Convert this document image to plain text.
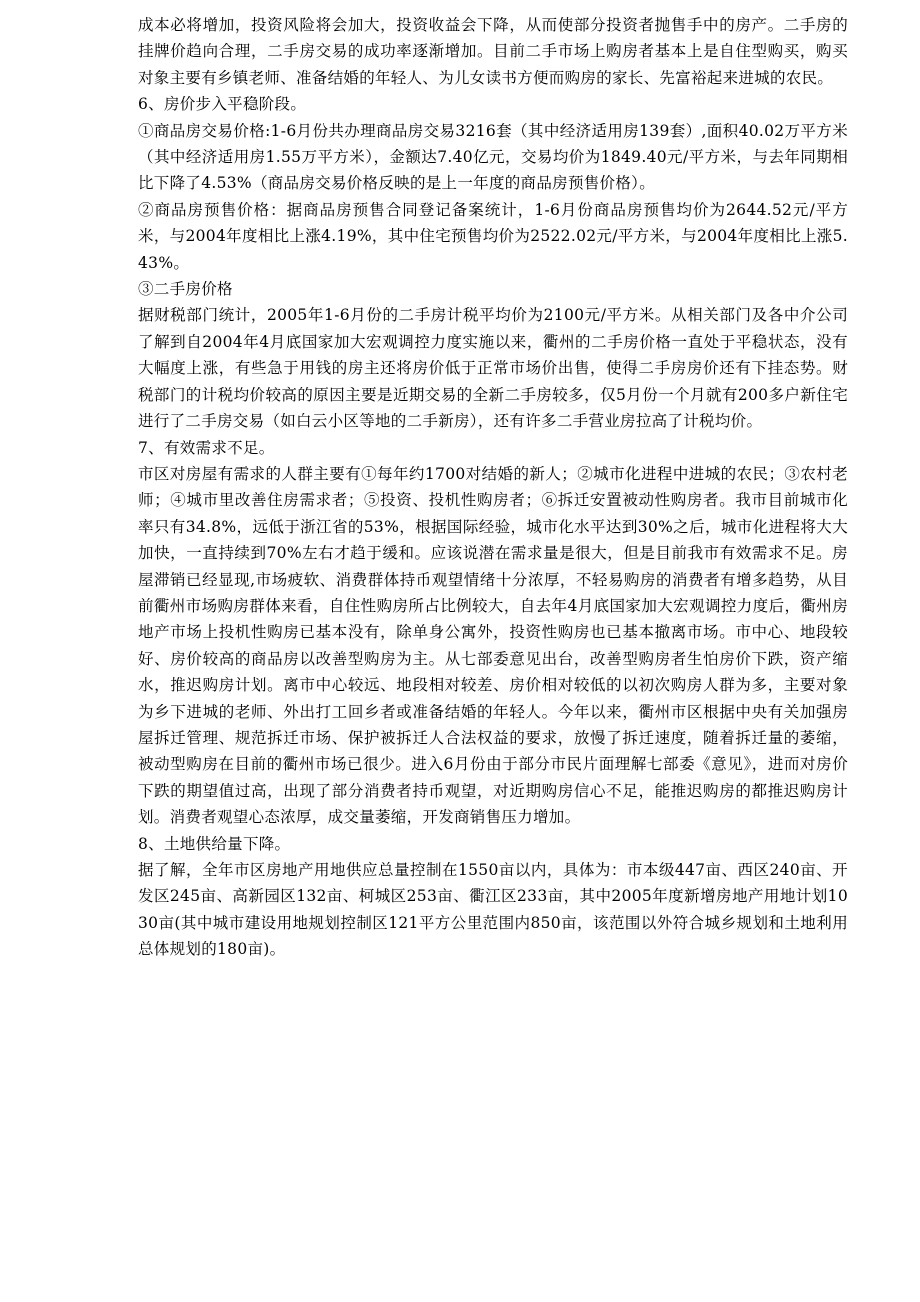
成本必将增加，投资风险将会加大，投资收益会下降，从而使部分投资者抛售手中的房产。二手房的挂牌价趋向合理，二手房交易的成功率逐渐增加。目前二手市场上购房者基本上是自住型购买，购买对象主要有乡镇老师、准备结婚的年轻人、为儿女读书方便而购房的家长、先富裕起来进城的农民。

6、房价步入平稳阶段。

①商品房交易价格:1-6月份共办理商品房交易3216套（其中经济适用房139套）,面积40.02万平方米（其中经济适用房1.55万平方米），金额达7.40亿元，交易均价为1849.40元/平方米，与去年同期相比下降了4.53%（商品房交易价格反映的是上一年度的商品房预售价格）。

②商品房预售价格：据商品房预售合同登记备案统计，1-6月份商品房预售均价为2644.52元/平方米，与2004年度相比上涨4.19%，其中住宅预售均价为2522.02元/平方米，与2004年度相比上涨5.43%。

③二手房价格

据财税部门统计，2005年1-6月份的二手房计税平均价为2100元/平方米。从相关部门及各中介公司了解到自2004年4月底国家加大宏观调控力度实施以来，衢州的二手房价格一直处于平稳状态，没有大幅度上涨，有些急于用钱的房主还将房价低于正常市场价出售，使得二手房房价还有下挂态势。财税部门的计税均价较高的原因主要是近期交易的全新二手房较多，仅5月份一个月就有200多户新住宅进行了二手房交易（如白云小区等地的二手新房），还有许多二手营业房拉高了计税均价。

7、有效需求不足。

市区对房屋有需求的人群主要有①每年约1700对结婚的新人；②城市化进程中进城的农民；③农村老师；④城市里改善住房需求者；⑤投资、投机性购房者；⑥拆迁安置被动性购房者。我市目前城市化率只有34.8%，远低于浙江省的53%，根据国际经验，城市化水平达到30%之后，城市化进程将大大加快，一直持续到70%左右才趋于缓和。应该说潜在需求量是很大，但是目前我市有效需求不足。房屋滞销已经显现,市场疲软、消费群体持币观望情绪十分浓厚，不轻易购房的消费者有增多趋势，从目前衢州市场购房群体来看，自住性购房所占比例较大，自去年4月底国家加大宏观调控力度后，衢州房地产市场上投机性购房已基本没有，除单身公寓外，投资性购房也已基本撤离市场。市中心、地段较好、房价较高的商品房以改善型购房为主。从七部委意见出台，改善型购房者生怕房价下跌，资产缩水，推迟购房计划。离市中心较远、地段相对较差、房价相对较低的以初次购房人群为多，主要对象为乡下进城的老师、外出打工回乡者或准备结婚的年轻人。今年以来，衢州市区根据中央有关加强房屋拆迁管理、规范拆迁市场、保护被拆迁人合法权益的要求，放慢了拆迁速度，随着拆迁量的萎缩，被动型购房在目前的衢州市场已很少。进入6月份由于部分市民片面理解七部委《意见》，进而对房价下跌的期望值过高，出现了部分消费者持币观望，对近期购房信心不足，能推迟购房的都推迟购房计划。消费者观望心态浓厚，成交量萎缩，开发商销售压力增加。

8、土地供给量下降。

据了解，全年市区房地产用地供应总量控制在1550亩以内，具体为：市本级447亩、西区240亩、开发区245亩、高新园区132亩、柯城区253亩、衢江区233亩，其中2005年度新增房地产用地计划1030亩(其中城市建设用地规划控制区121平方公里范围内850亩，该范围以外符合城乡规划和土地利用总体规划的180亩)。
